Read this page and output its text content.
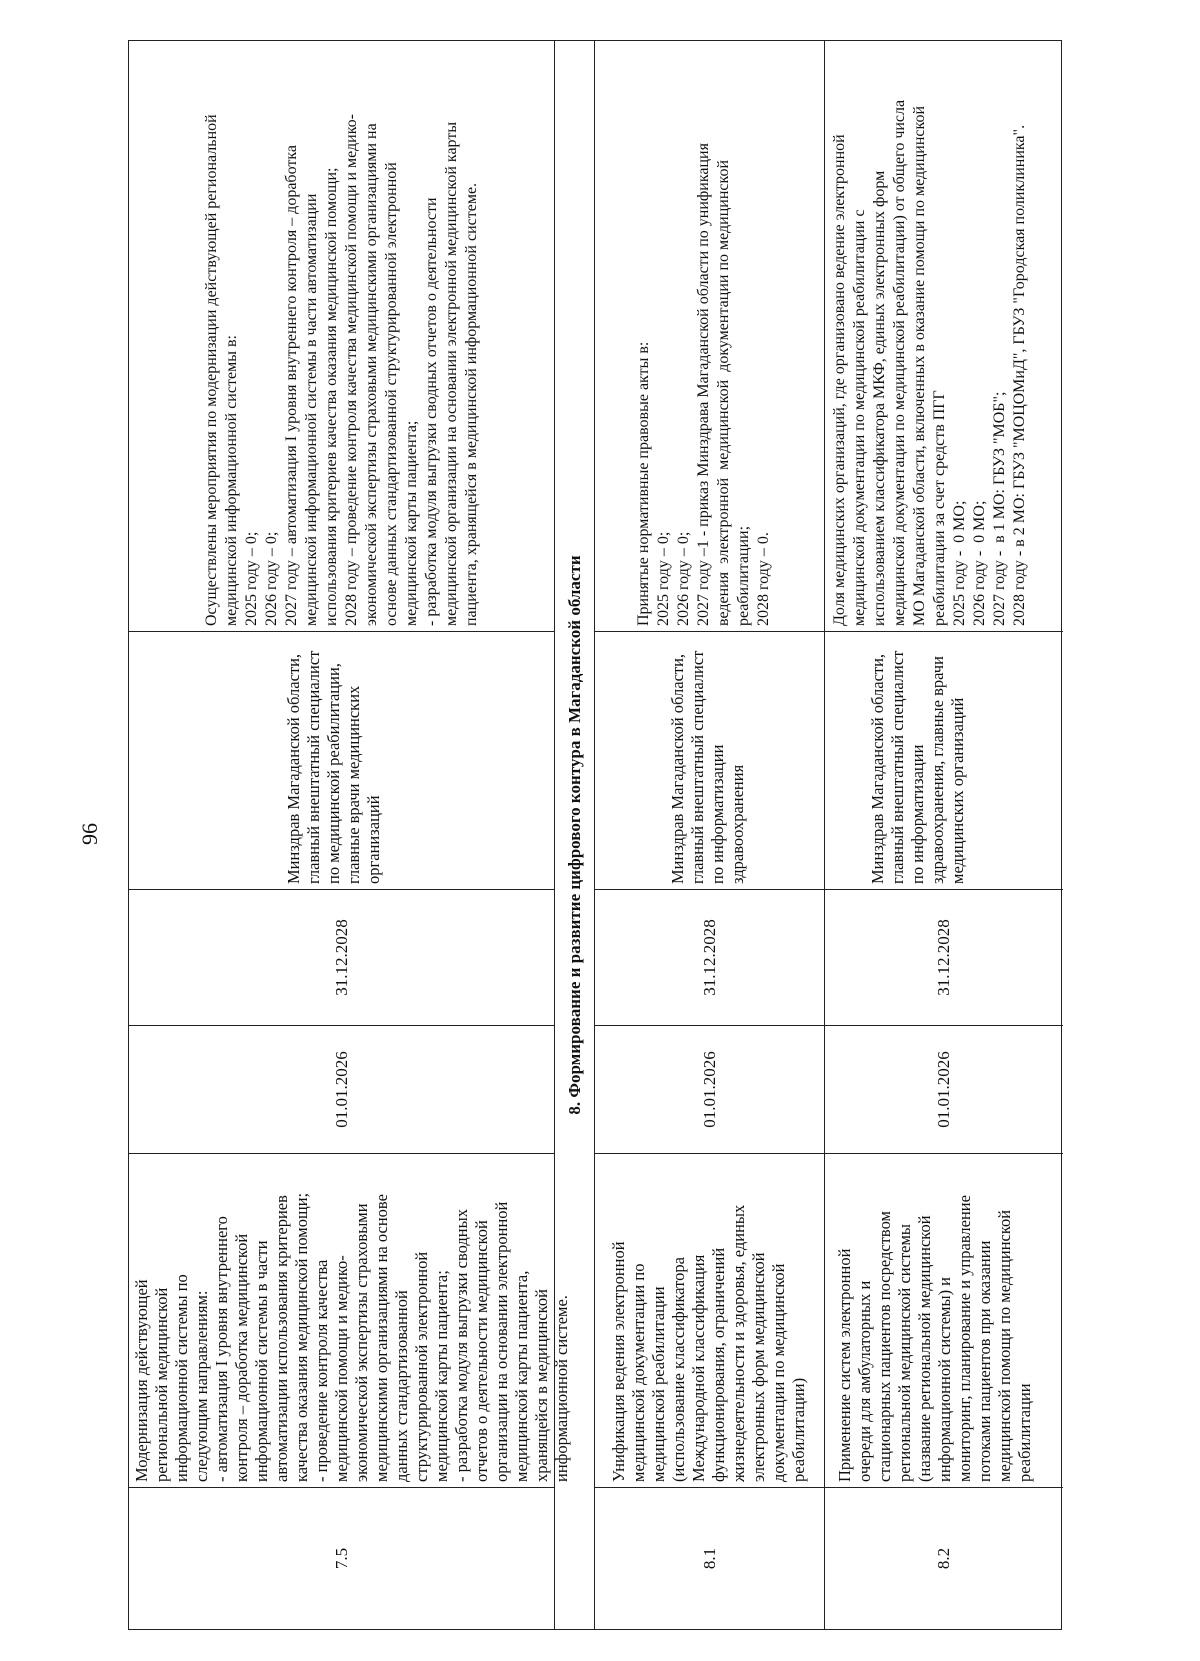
96
7.5
Модернизация действующей
региональной медицинской
информационной системы по
следующим направлениям:
- автоматизация I уровня внутреннего
контроля – доработка медицинской
информационной системы в части
автоматизации использования критериев
качества оказания медицинской помощи;
- проведение контроля качества
медицинской помощи и медико-
экономической экспертизы страховыми
медицинскими организациями на основе
данных стандартизованной
структурированной электронной
медицинской карты пациента;
- разработка модуля выгрузки сводных
отчетов о деятельности медицинской
организации на основании электронной
медицинской карты пациента,
хранящейся в медицинской
информационной системе.
01.01.2026
31.12.2028
Минздрав Магаданской области,
главный внештатный специалист
по медицинской реабилитации,
главные врачи медицинских
организаций
Осуществлены мероприятия по модернизации действующей региональной
медицинской информационной системы в:
2025 году – 0;
2026 году – 0;
2027 году – автоматизация I уровня внутреннего контроля – доработка
медицинской информационной системы в части автоматизации
использования критериев качества оказания медицинской помощи;
2028 году – проведение контроля качества медицинской помощи и медико-
экономической экспертизы страховыми медицинскими организациями на
основе данных стандартизованной структурированной электронной
медицинской карты пациента;
- разработка модуля выгрузки сводных отчетов о деятельности
медицинской организации на основании электронной медицинской карты
пациента, хранящейся в медицинской информационной системе.
8. Формирование и развитие цифрового контура в Магаданской области
8.1
Унификация ведения электронной
медицинской документации по
медицинской реабилитации
(использование классификатора
Международной классификация
функционирования, ограничений
жизнедеятельности и здоровья, единых
электронных форм медицинской
документации по медицинской
реабилитации)
01.01.2026
31.12.2028
Минздрав Магаданской области,
главный внештатный специалист
по информатизации
здравоохранения
Принятые нормативные правовые акты в:
2025 году – 0;
2026 году – 0;
2027 году –1 - приказ Минздрава Магаданской области по унификация
ведения  электронной  медицинской  документации по медицинской
реабилитации;
2028 году – 0.
8.2
Применение систем электронной
очереди для амбулаторных и
стационарных пациентов посредством
региональной медицинской системы
(название региональной медицинской
информационной системы) и
мониторинг, планирование и управление
потоками пациентов при оказании
медицинской помощи по медицинской
реабилитации
01.01.2026
31.12.2028
Минздрав Магаданской области,
главный внештатный специалист
по информатизации
здравоохранения, главные врачи
медицинских организаций
Доля медицинских организаций, где организовано ведение электронной
медицинской документации по медицинской реабилитации с
использованием классификатора МКФ, единых электронных форм
медицинской документации по медицинской реабилитации) от общего числа
МО Магаданской области, включенных в оказание помощи по медицинской
реабилитации за счет средств ПГГ
2025 году -  0 МО;
2026 году -  0 МО;
2027 году -  в 1 МО: ГБУЗ "МОБ";
2028 году - в 2 МО: ГБУЗ "МОЦОМиД", ГБУЗ "Городская поликлиника".
